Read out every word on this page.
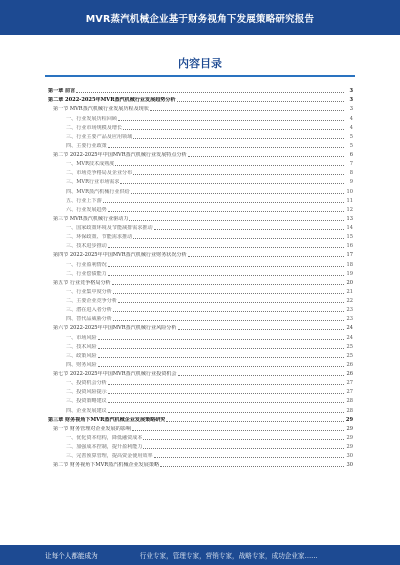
MVR蒸汽机械企业基于财务视角下发展策略研究报告
内容目录
第一章 前言	3
第二章 2022-2025年MVR蒸汽机械行业发展趋势分析	3
第一节 MVR蒸汽机械行业发展历程及现状	3
一、行业发展历程回顾	4
二、行业市场规模及增长	4
三、行业主要产品及应用领域	5
四、主要行业政策	5
第二节 2022-2025年中国MVR蒸汽机械行业发展特点分析	6
一、MVR技术成熟度	7
二、市场竞争格局及企业分布	8
三、MVR行业市场需求	9
四、MVR蒸汽机械行业供给	10
五、行业上下游	11
六、行业发展趋势	12
第三节 MVR蒸汽机械行业驱动力	13
一、国家政策环境及节能减排需求推动	14
二、环保政策、节能需求推动	15
三、技术进步推动	16
第四节 2022-2025年中国MVR蒸汽机械行业财务状况分析	17
一、行业盈利情况	18
二、行业偿债能力	19
第五节 行业竞争格局分析	20
一、行业集中度分析	21
二、主要企业竞争分析	22
三、潜在进入者分析	23
四、替代品威胁分析	23
第六节 2022-2025年中国MVR蒸汽机械行业风险分析	24
一、市场风险	24
二、技术风险	25
三、政策风险	25
四、财务风险	26
第七节 2022-2025年中国MVR蒸汽机械行业投资机会	26
一、投资机会分析	27
二、投资风险提示	27
三、投资策略建议	28
四、企业发展建议	28
第三章 财务视角下MVR蒸汽机械企业发展策略研究	29
第一节 财务管理对企业发展的影响	29
一、优化资本结构，降低融资成本	29
二、加强成本控制，提升盈利能力	29
三、完善预算管理，提高资金使用效率	30
第二节 财务视角下MVR蒸汽机械企业发展策略	30
让每个人都能成为	行业专家，管理专家，营销专家，战略专家，成功企业家……
